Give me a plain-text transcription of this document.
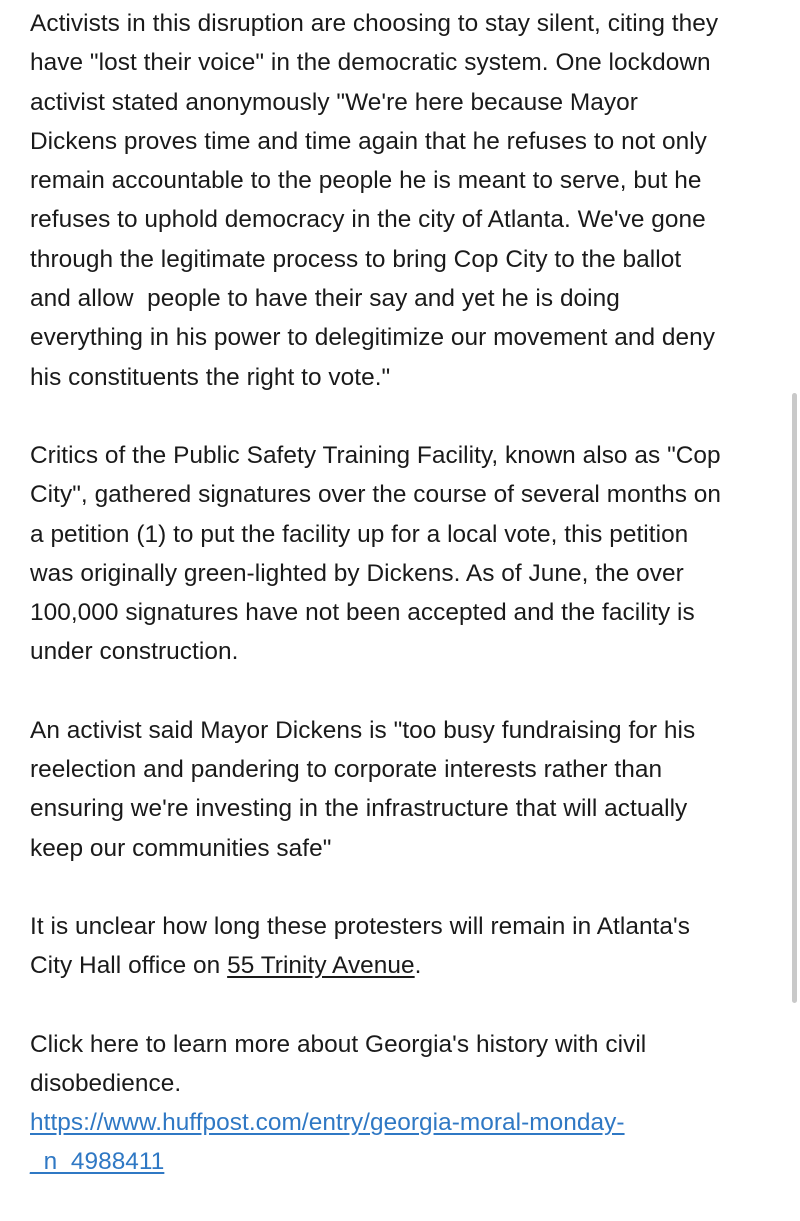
Activists in this disruption are choosing to stay silent, citing they
have "lost their voice" in the democratic system. One lockdown
activist stated anonymously "We're here because Mayor
Dickens proves time and time again that he refuses to not only
remain accountable to the people he is meant to serve, but he
refuses to uphold democracy in the city of Atlanta. We've gone
through the legitimate process to bring Cop City to the ballot
and allow  people to have their say and yet he is doing
everything in his power to delegitimize our movement and deny
his constituents the right to vote."

Critics of the Public Safety Training Facility, known also as "Cop
City", gathered signatures over the course of several months on
a petition (1) to put the facility up for a local vote, this petition
was originally green-lighted by Dickens. As of June, the over
100,000 signatures have not been accepted and the facility is
under construction.

An activist said Mayor Dickens is "too busy fundraising for his
reelection and pandering to corporate interests rather than
ensuring we're investing in the infrastructure that will actually
keep our communities safe"

It is unclear how long these protesters will remain in Atlanta's
City Hall office on 55 Trinity Avenue.

Click here to learn more about Georgia's history with civil
disobedience.
https://www.huffpost.com/entry/georgia-moral-monday-
_n_4988411
